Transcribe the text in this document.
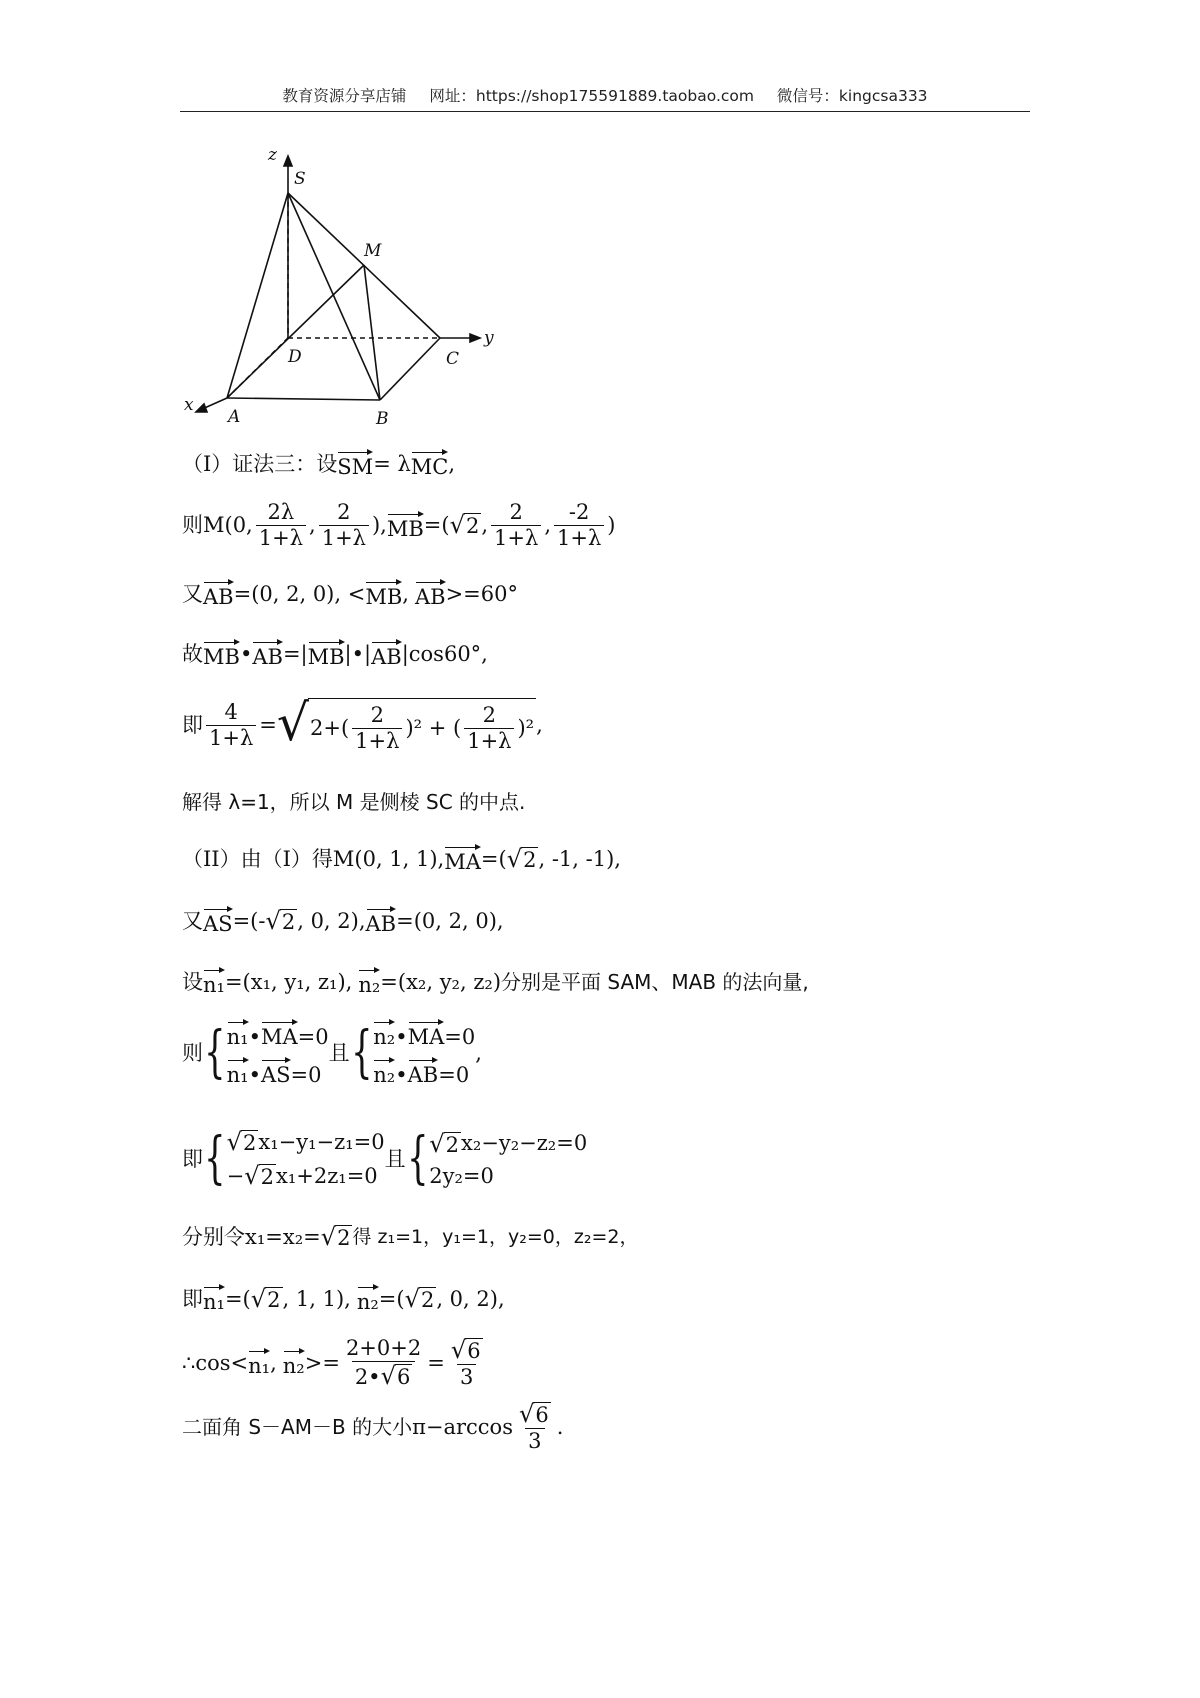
教育资源分享店铺 网址：https://shop175591889.taobao.com 微信号：kingcsa333
z
S
M
y
D	C
x
A	B
（I）证法三：设 SM = λ MC ,
则M(0, $\frac{2\lambda}{1+\lambda}$ , $\frac{2}{1+\lambda}$ ), MB =( √ 2 , $\frac{2}{1+\lambda}$ , $\frac{-2}{1+\lambda}$ )
又 AB =(0, 2, 0), < MB , AB >=60°
故 MB • AB =| MB |•| AB |cos60°,
即 $\frac{4}{1+\lambda}$ = √ $2+( \frac{2}{1+\lambda} )^2$ + ( $\frac{2}{1+\lambda} )^2$ ,
解得 λ=1，所以 M 是侧棱 SC 的中点.
（II）由（I）得M(0, 1, 1), MA =( √ 2 , -1, -1),
又 AS =(- √ 2 , 0, 2), AB =(0, 2, 0),
设 n₁ =(x₁, y₁, z₁), n₂ =(x₂, y₂, z₂) 分别是平面 SAM、MAB 的法向量,
则 { n₁•MA=0
n₁•AS=0
且 { n₂•MA=0
n₂•AB=0
,
即 { √ 2 x₁−y₁−z₁=0
− √ 2 x₁+2z₁=0
且 { √ 2 x₂−y₂−z₂=0
2y₂=0
分别令 x₁=x₂= √ 2 得 z₁=1，y₁=1，y₂=0，z₂=2，
即 n₁ =( √ 2 , 1, 1), n₂ =( √ 2 , 0, 2),
∴cos< n₁ , $n_2 >= \frac{2+0+2}{2• √ 6} = \frac{√ 6}{3}$
二面角 S－AM－B 的大小 $\pi-\arccos \frac{√ 6}{3}$ .
